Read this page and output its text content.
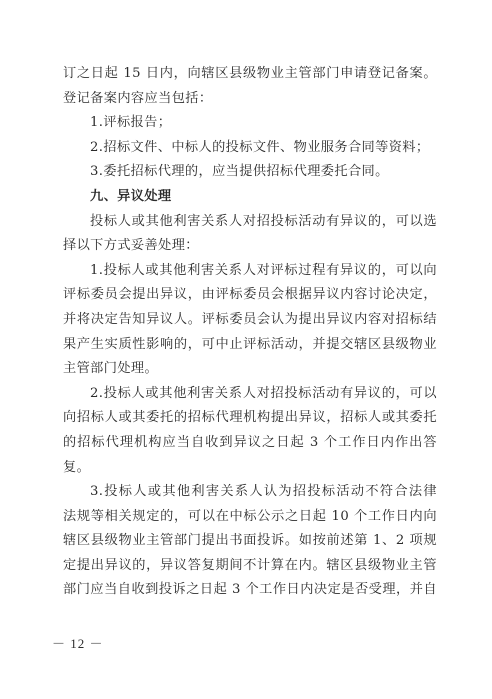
订之日起 15 日内，向辖区县级物业主管部门申请登记备案。
登记备案内容应当包括：
1.评标报告；
2.招标文件、中标人的投标文件、物业服务合同等资料；
3.委托招标代理的，应当提供招标代理委托合同。
九、异议处理
投标人或其他利害关系人对招投标活动有异议的，可以选
择以下方式妥善处理：
1.投标人或其他利害关系人对评标过程有异议的，可以向
评标委员会提出异议，由评标委员会根据异议内容讨论决定，
并将决定告知异议人。评标委员会认为提出异议内容对招标结
果产生实质性影响的，可中止评标活动，并提交辖区县级物业
主管部门处理。
2.投标人或其他利害关系人对招投标活动有异议的，可以
向招标人或其委托的招标代理机构提出异议，招标人或其委托
的招标代理机构应当自收到异议之日起 3 个工作日内作出答
复。
3.投标人或其他利害关系人认为招投标活动不符合法律
法规等相关规定的，可以在中标公示之日起 10 个工作日内向
辖区县级物业主管部门提出书面投诉。如按前述第 1、2 项规
定提出异议的，异议答复期间不计算在内。辖区县级物业主管
部门应当自收到投诉之日起 3 个工作日内决定是否受理，并自
－ 12 －
